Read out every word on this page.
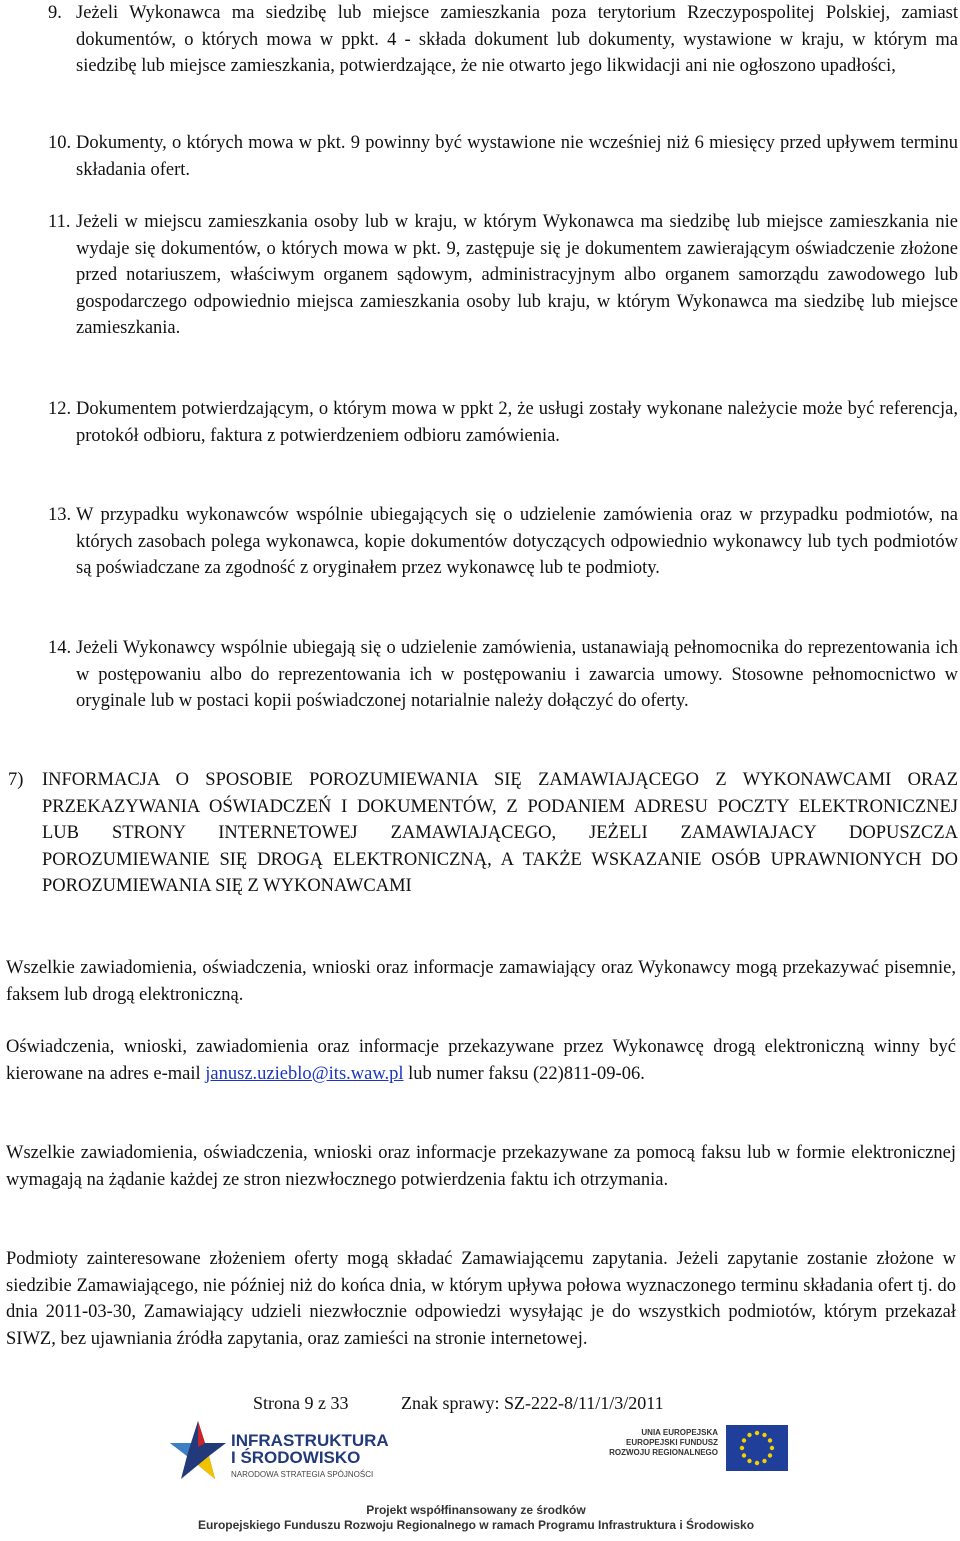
9. Jeżeli Wykonawca ma siedzibę lub miejsce zamieszkania poza terytorium Rzeczypospolitej Polskiej, zamiast dokumentów, o których mowa w ppkt. 4 - składa dokument lub dokumenty, wystawione w kraju, w którym ma siedzibę lub miejsce zamieszkania, potwierdzające, że nie otwarto jego likwidacji ani nie ogłoszono upadłości,
10. Dokumenty, o których mowa w pkt. 9 powinny być wystawione nie wcześniej niż 6 miesięcy przed upływem terminu składania ofert.
11. Jeżeli w miejscu zamieszkania osoby lub w kraju, w którym Wykonawca ma siedzibę lub miejsce zamieszkania nie wydaje się dokumentów, o których mowa w pkt. 9, zastępuje się je dokumentem zawierającym oświadczenie złożone przed notariuszem, właściwym organem sądowym, administracyjnym albo organem samorządu zawodowego lub gospodarczego odpowiednio miejsca zamieszkania osoby lub kraju, w którym Wykonawca ma siedzibę lub miejsce zamieszkania.
12. Dokumentem potwierdzającym, o którym mowa w ppkt 2, że usługi zostały wykonane należycie może być referencja, protokół odbioru, faktura z potwierdzeniem odbioru zamówienia.
13. W przypadku wykonawców wspólnie ubiegających się o udzielenie zamówienia oraz w przypadku podmiotów, na których zasobach polega wykonawca, kopie dokumentów dotyczących odpowiednio wykonawcy lub tych podmiotów są poświadczane za zgodność z oryginałem przez wykonawcę lub te podmioty.
14. Jeżeli Wykonawcy wspólnie ubiegają się o udzielenie zamówienia, ustanawiają pełnomocnika do reprezentowania ich w postępowaniu albo do reprezentowania ich w postępowaniu i zawarcia umowy. Stosowne pełnomocnictwo w oryginale lub w postaci kopii poświadczonej notarialnie należy dołączyć do oferty.
7) INFORMACJA O SPOSOBIE POROZUMIEWANIA SIĘ ZAMAWIAJĄCEGO Z WYKONAWCAMI ORAZ PRZEKAZYWANIA OŚWIADCZEŃ I DOKUMENTÓW, Z PODANIEM ADRESU POCZTY ELEKTRONICZNEJ LUB STRONY INTERNETOWEJ ZAMAWIAJĄCEGO, JEŻELI ZAMAWIAJACY DOPUSZCZA POROZUMIEWANIE SIĘ DROGĄ ELEKTRONICZNĄ, A TAKŻE WSKAZANIE OSÓB UPRAWNIONYCH DO POROZUMIEWANIA SIĘ Z WYKONAWCAMI
Wszelkie zawiadomienia, oświadczenia, wnioski oraz informacje zamawiający oraz Wykonawcy mogą przekazywać pisemnie, faksem lub drogą elektroniczną.
Oświadczenia, wnioski, zawiadomienia oraz informacje przekazywane przez Wykonawcę drogą elektroniczną winny być kierowane na adres e-mail janusz.uzieblo@its.waw.pl lub numer faksu (22)811-09-06.
Wszelkie zawiadomienia, oświadczenia, wnioski oraz informacje przekazywane za pomocą faksu lub w formie elektronicznej wymagają na żądanie każdej ze stron niezwłocznego potwierdzenia faktu ich otrzymania.
Podmioty zainteresowane złożeniem oferty mogą składać Zamawiającemu zapytania. Jeżeli zapytanie zostanie złożone w siedzibie Zamawiającego, nie później niż do końca dnia, w którym upływa połowa wyznaczonego terminu składania ofert tj. do dnia 2011-03-30, Zamawiający udzieli niezwłocznie odpowiedzi wysyłając je do wszystkich podmiotów, którym przekazał SIWZ, bez ujawniania źródła zapytania, oraz zamieści na stronie internetowej.
Strona 9 z 33	Znak sprawy: SZ-222-8/11/1/3/2011
INFRASTRUKTURA
I ŚRODOWISKO
NARODOWA STRATEGIA SPÓJNOŚCI
UNIA EUROPEJSKA
EUROPEJSKI FUNDUSZ
ROZWOJU REGIONALNEGO
Projekt współfinansowany ze środków
Europejskiego Funduszu Rozwoju Regionalnego w ramach Programu Infrastruktura i Środowisko
